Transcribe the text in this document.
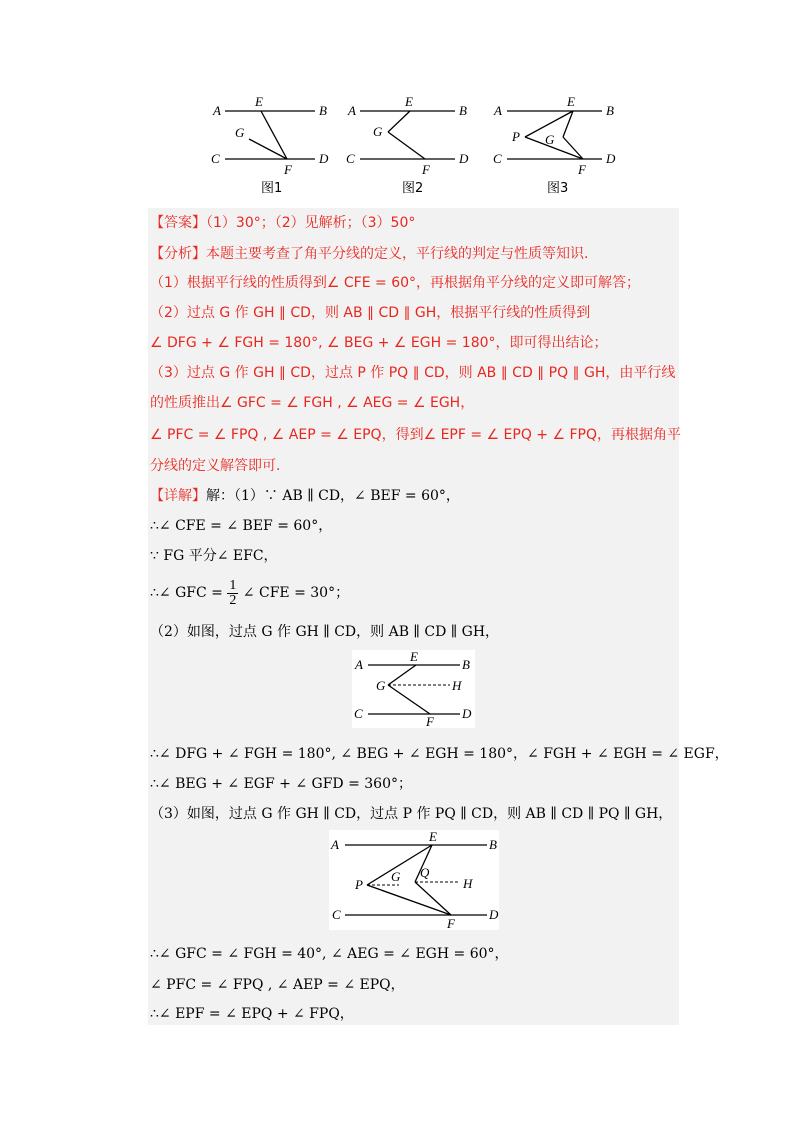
A
E
B
G
C
F
D
A
E
B
G
C
F
D
A
E
B
P G
C
F
D
图1	图2	图3
【答案】（1）30°；（2）见解析；（3）50°
【分析】本题主要考查了角平分线的定义，平行线的判定与性质等知识.
（1）根据平行线的性质得到∠ CFE = 60°，再根据角平分线的定义即可解答；
（2）过点 G 作 GH ∥ CD，则 AB ∥ CD ∥ GH，根据平行线的性质得到
∠ DFG + ∠ FGH = 180°, ∠ BEG + ∠ EGH = 180°，即可得出结论；
（3）过点 G 作 GH ∥ CD，过点 P 作 PQ ∥ CD，则 AB ∥ CD ∥ PQ ∥ GH，由平行线
的性质推出∠ GFC = ∠ FGH , ∠ AEG = ∠ EGH，
∠ PFC = ∠ FPQ , ∠ AEP = ∠ EPQ，得到∠ EPF = ∠ EPQ + ∠ FPQ，再根据角平
分线的定义解答即可.
【详解】解：（1）∵ AB ∥ CD，∠ BEF = 60°，
∴∠ CFE = ∠ BEF = 60°，
∵ FG 平分∠ EFC，
∴∠ GFC = $\frac{1}{2}$ ∠ CFE = 30°；
（2）如图，过点 G 作 GH ∥ CD，则 AB ∥ CD ∥ GH，
A
E
B
G	H
C
F
D
∴∠ DFG + ∠ FGH = 180°, ∠ BEG + ∠ EGH = 180°，∠ FGH + ∠ EGH = ∠ EGF，
∴∠ BEG + ∠ EGF + ∠ GFD = 360°；
（3）如图，过点 G 作 GH ∥ CD，过点 P 作 PQ ∥ CD，则 AB ∥ CD ∥ PQ ∥ GH，
A
E
B
P
G Q
H
C
F
D
∴∠ GFC = ∠ FGH = 40°, ∠ AEG = ∠ EGH = 60°，
∠ PFC = ∠ FPQ , ∠ AEP = ∠ EPQ，
∴∠ EPF = ∠ EPQ + ∠ FPQ，
